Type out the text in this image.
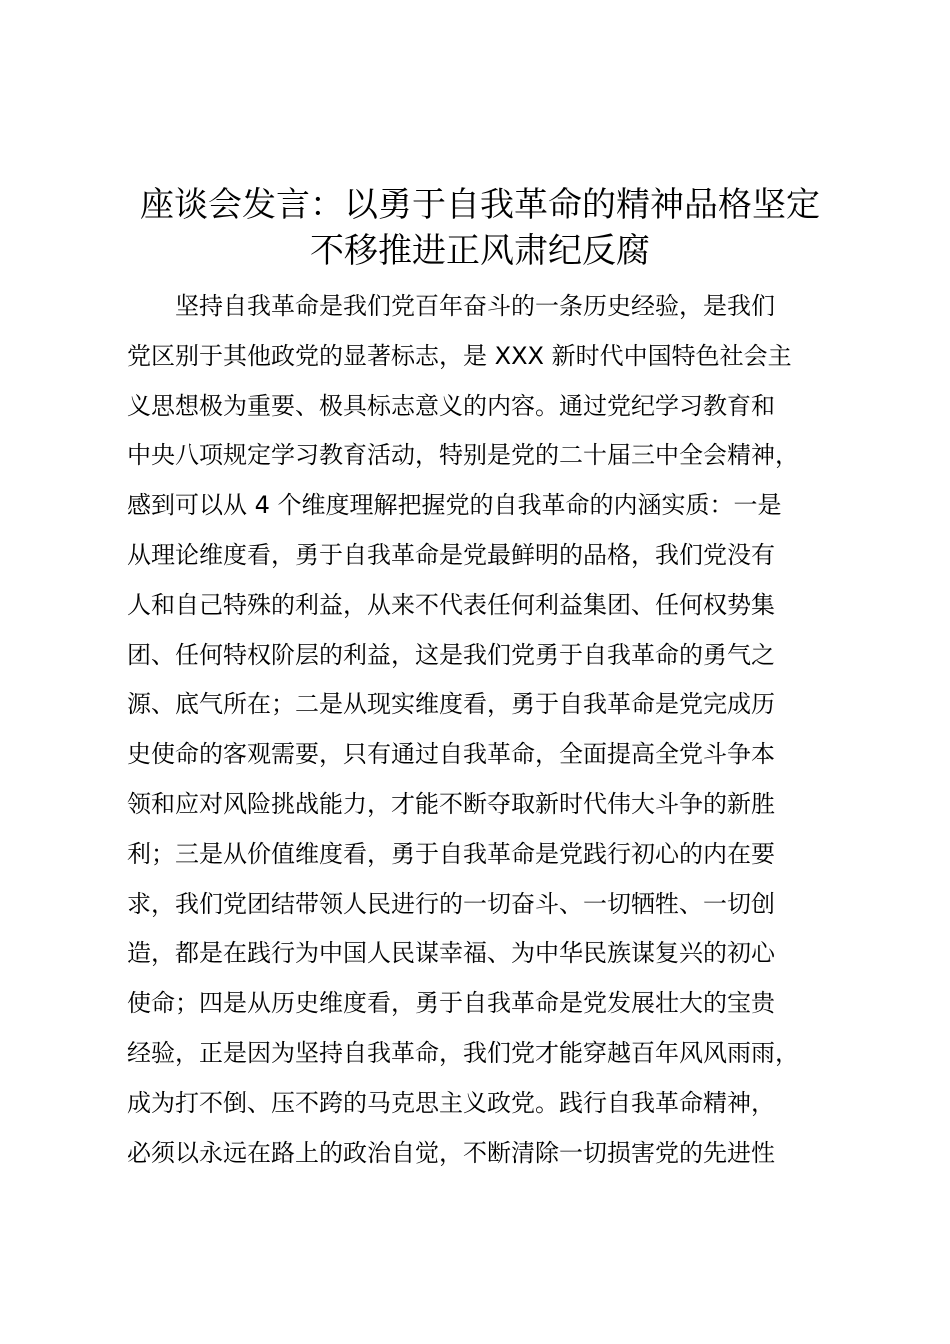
座谈会发言：以勇于自我革命的精神品格坚定
不移推进正风肃纪反腐
坚持自我革命是我们党百年奋斗的一条历史经验，是我们
党区别于其他政党的显著标志，是 XXX 新时代中国特色社会主
义思想极为重要、极具标志意义的内容。通过党纪学习教育和
中央八项规定学习教育活动，特别是党的二十届三中全会精神，
感到可以从 4 个维度理解把握党的自我革命的内涵实质：一是
从理论维度看，勇于自我革命是党最鲜明的品格，我们党没有
人和自己特殊的利益，从来不代表任何利益集团、任何权势集
团、任何特权阶层的利益，这是我们党勇于自我革命的勇气之
源、底气所在；二是从现实维度看，勇于自我革命是党完成历
史使命的客观需要，只有通过自我革命，全面提高全党斗争本
领和应对风险挑战能力，才能不断夺取新时代伟大斗争的新胜
利；三是从价值维度看，勇于自我革命是党践行初心的内在要
求，我们党团结带领人民进行的一切奋斗、一切牺牲、一切创
造，都是在践行为中国人民谋幸福、为中华民族谋复兴的初心
使命；四是从历史维度看，勇于自我革命是党发展壮大的宝贵
经验，正是因为坚持自我革命，我们党才能穿越百年风风雨雨，
成为打不倒、压不跨的马克思主义政党。践行自我革命精神，
必须以永远在路上的政治自觉，不断清除一切损害党的先进性
